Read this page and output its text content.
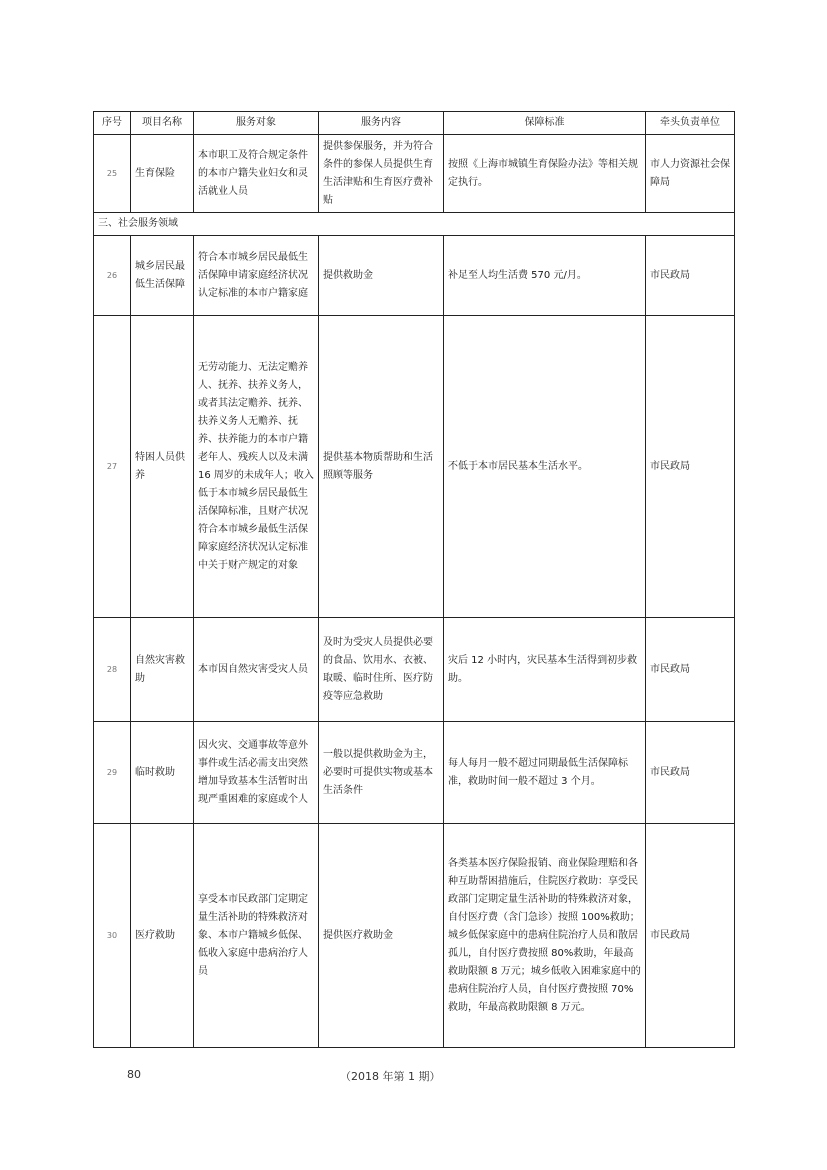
序号	项目名称	服务对象	服务内容	保障标准	牵头负责单位
25	生育保险	本市职工及符合规定条件的本市户籍失业妇女和灵活就业人员	提供参保服务，并为符合条件的参保人员提供生育生活津贴和生育医疗费补贴	按照《上海市城镇生育保险办法》等相关规定执行。	市人力资源社会保障局
三、社会服务领域					
26	城乡居民最低生活保障	符合本市城乡居民最低生活保障申请家庭经济状况认定标准的本市户籍家庭	提供救助金	补足至人均生活费 570 元/月。	市民政局
27	特困人员供养	无劳动能力、无法定赡养人、抚养、扶养义务人，或者其法定赡养、抚养、扶养义务人无赡养、抚养、扶养能力的本市户籍老年人、残疾人以及未满 16 周岁的未成年人；收入低于本市城乡居民最低生活保障标准，且财产状况符合本市城乡最低生活保障家庭经济状况认定标准中关于财产规定的对象	提供基本物质帮助和生活照顾等服务	不低于本市居民基本生活水平。	市民政局
28	自然灾害救助	本市因自然灾害受灾人员	及时为受灾人员提供必要的食品、饮用水、衣被、取暖、临时住所、医疗防疫等应急救助	灾后 12 小时内，灾民基本生活得到初步救助。	市民政局
29	临时救助	因火灾、交通事故等意外事件或生活必需支出突然增加导致基本生活暂时出现严重困难的家庭或个人	一般以提供救助金为主，必要时可提供实物或基本生活条件	每人每月一般不超过同期最低生活保障标准，救助时间一般不超过 3 个月。	市民政局
30	医疗救助	享受本市民政部门定期定量生活补助的特殊救济对象、本市户籍城乡低保、低收入家庭中患病治疗人员	提供医疗救助金	各类基本医疗保险报销、商业保险理赔和各种互助帮困措施后，住院医疗救助：享受民政部门定期定量生活补助的特殊救济对象，自付医疗费（含门急诊）按照 100%救助；城乡低保家庭中的患病住院治疗人员和散居孤儿，自付医疗费按照 80%救助，年最高救助限额 8 万元；城乡低收入困难家庭中的患病住院治疗人员，自付医疗费按照 70%救助，年最高救助限额 8 万元。	市民政局
80	（2018 年第 1 期）
